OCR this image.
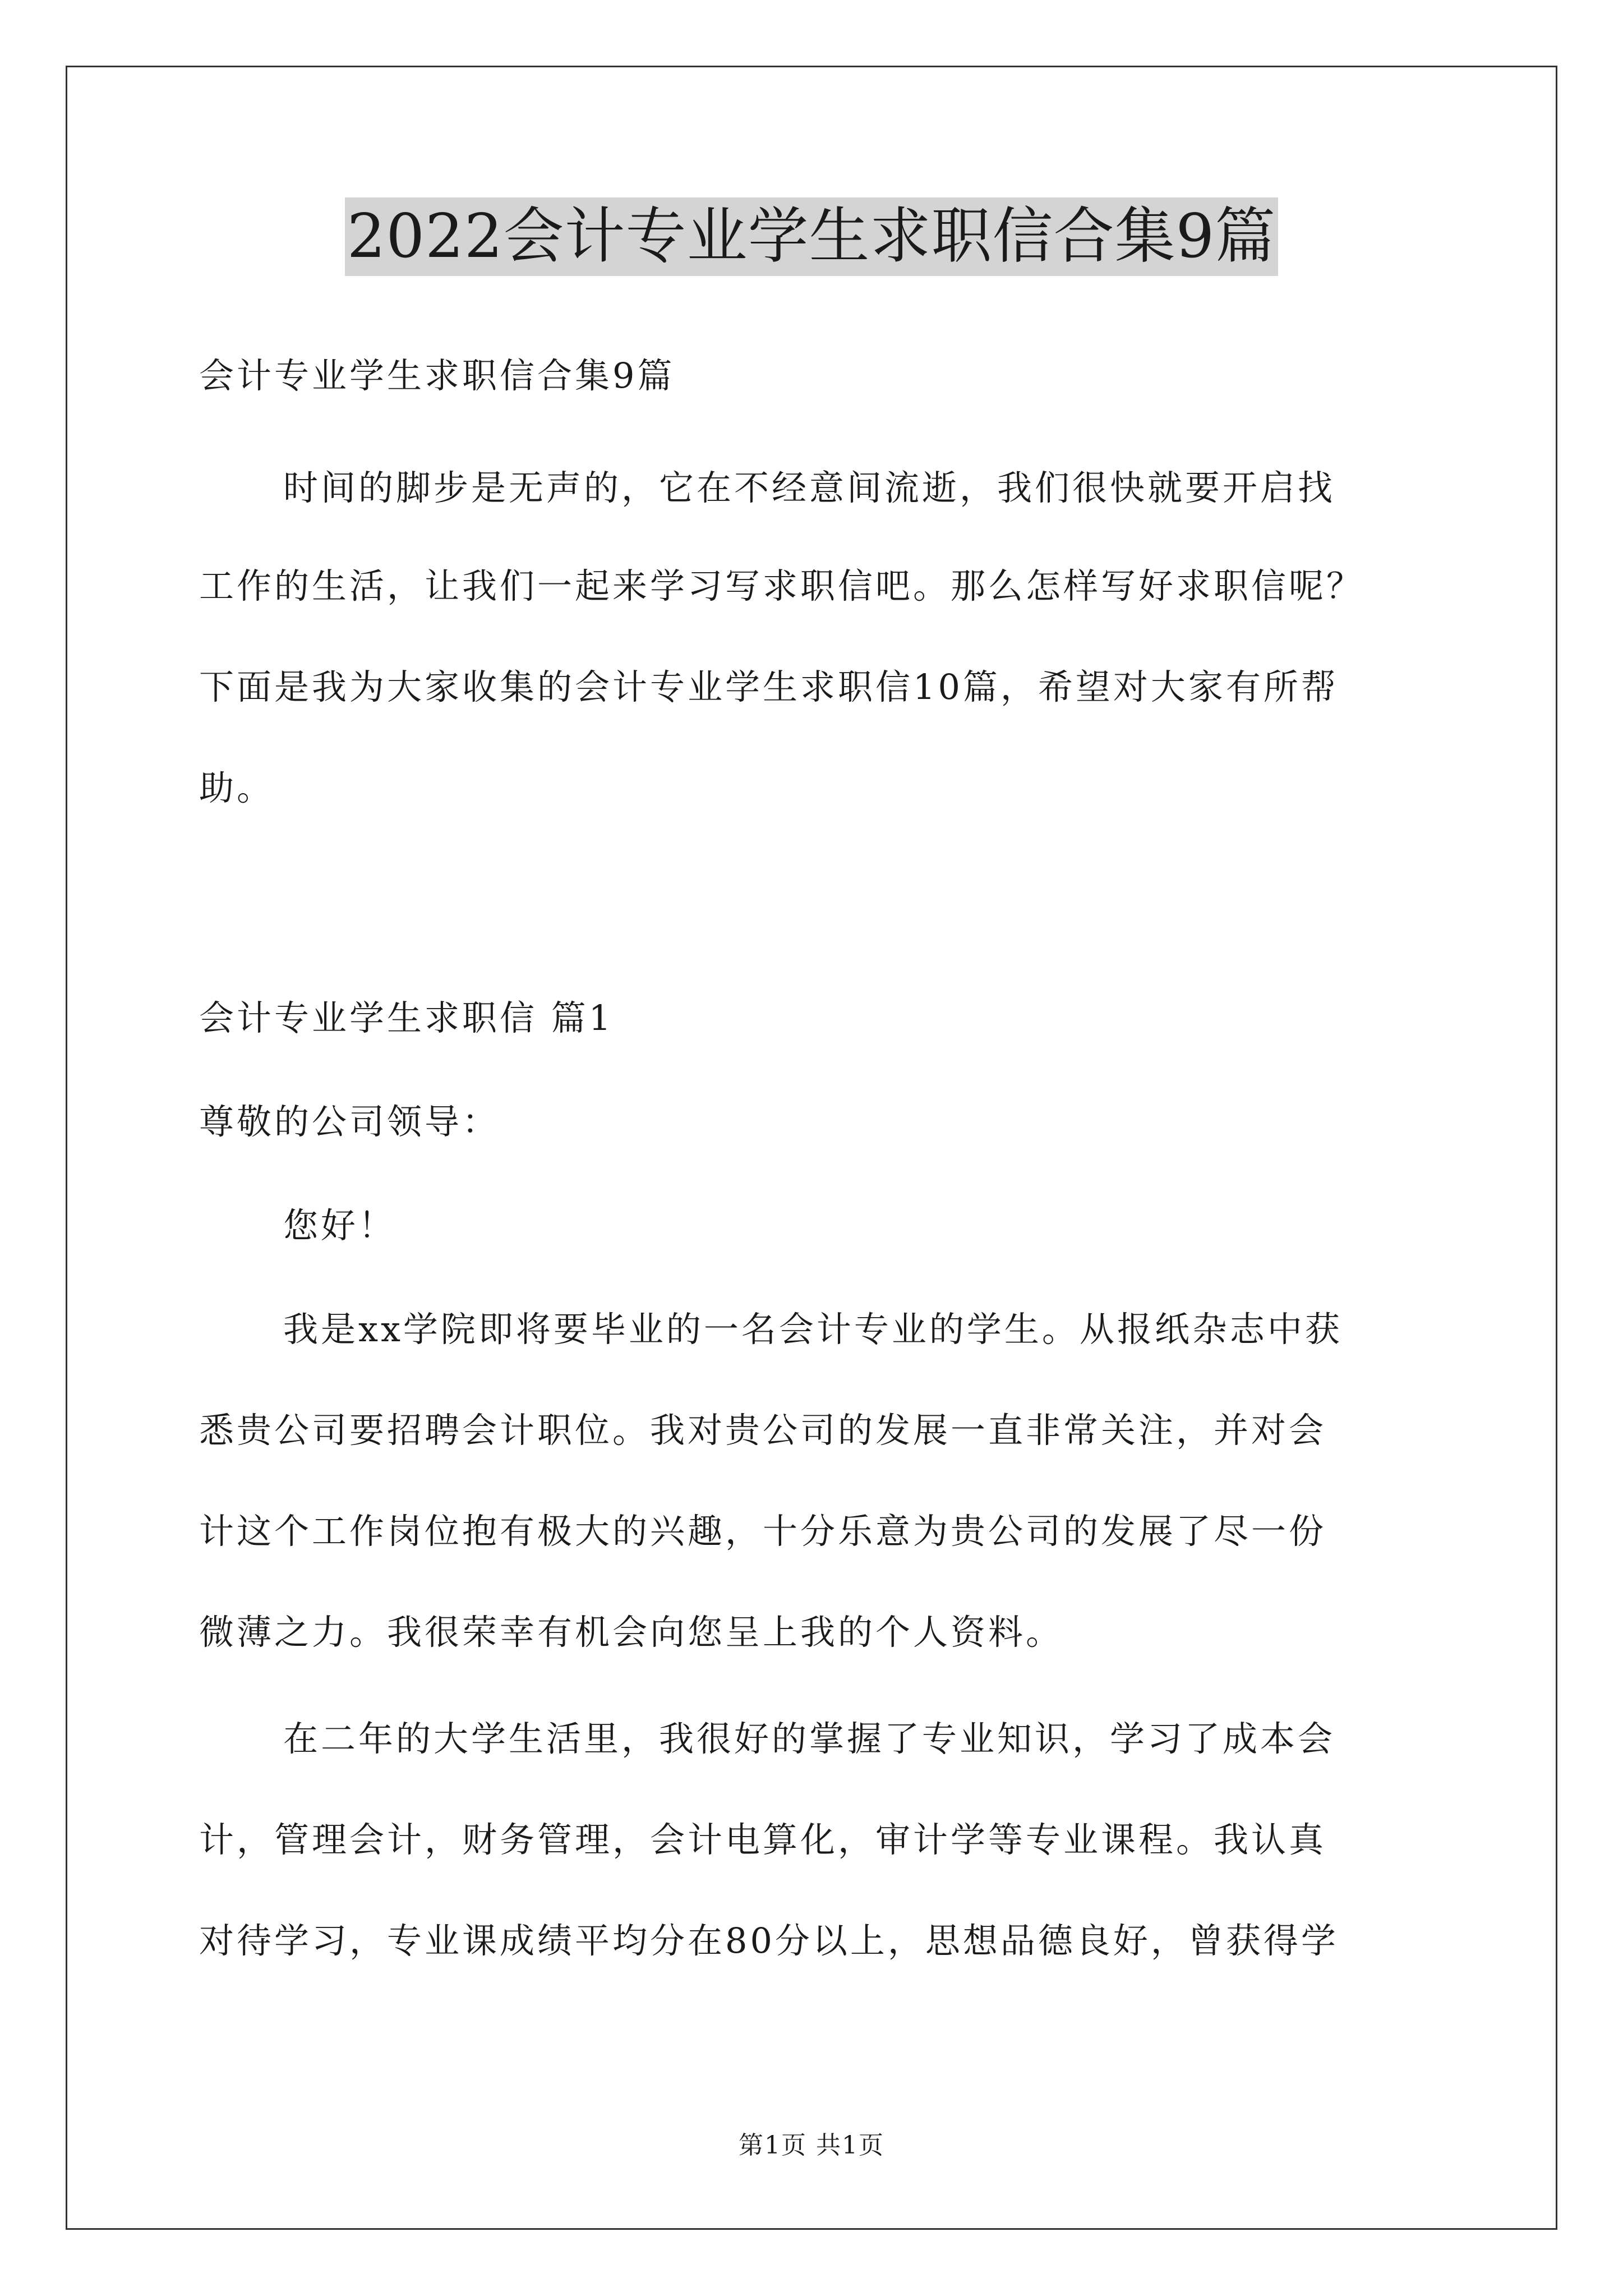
2022会计专业学生求职信合集9篇
会计专业学生求职信合集9篇
时间的脚步是无声的，它在不经意间流逝，我们很快就要开启找
工作的生活，让我们一起来学习写求职信吧。那么怎样写好求职信呢？
下面是我为大家收集的会计专业学生求职信10篇，希望对大家有所帮
助。
会计专业学生求职信 篇1
尊敬的公司领导：
您好！
我是xx学院即将要毕业的一名会计专业的学生。从报纸杂志中获
悉贵公司要招聘会计职位。我对贵公司的发展一直非常关注，并对会
计这个工作岗位抱有极大的兴趣，十分乐意为贵公司的发展了尽一份
微薄之力。我很荣幸有机会向您呈上我的个人资料。
在二年的大学生活里，我很好的掌握了专业知识，学习了成本会
计，管理会计，财务管理，会计电算化，审计学等专业课程。我认真
对待学习，专业课成绩平均分在80分以上，思想品德良好，曾获得学
第1页 共1页
